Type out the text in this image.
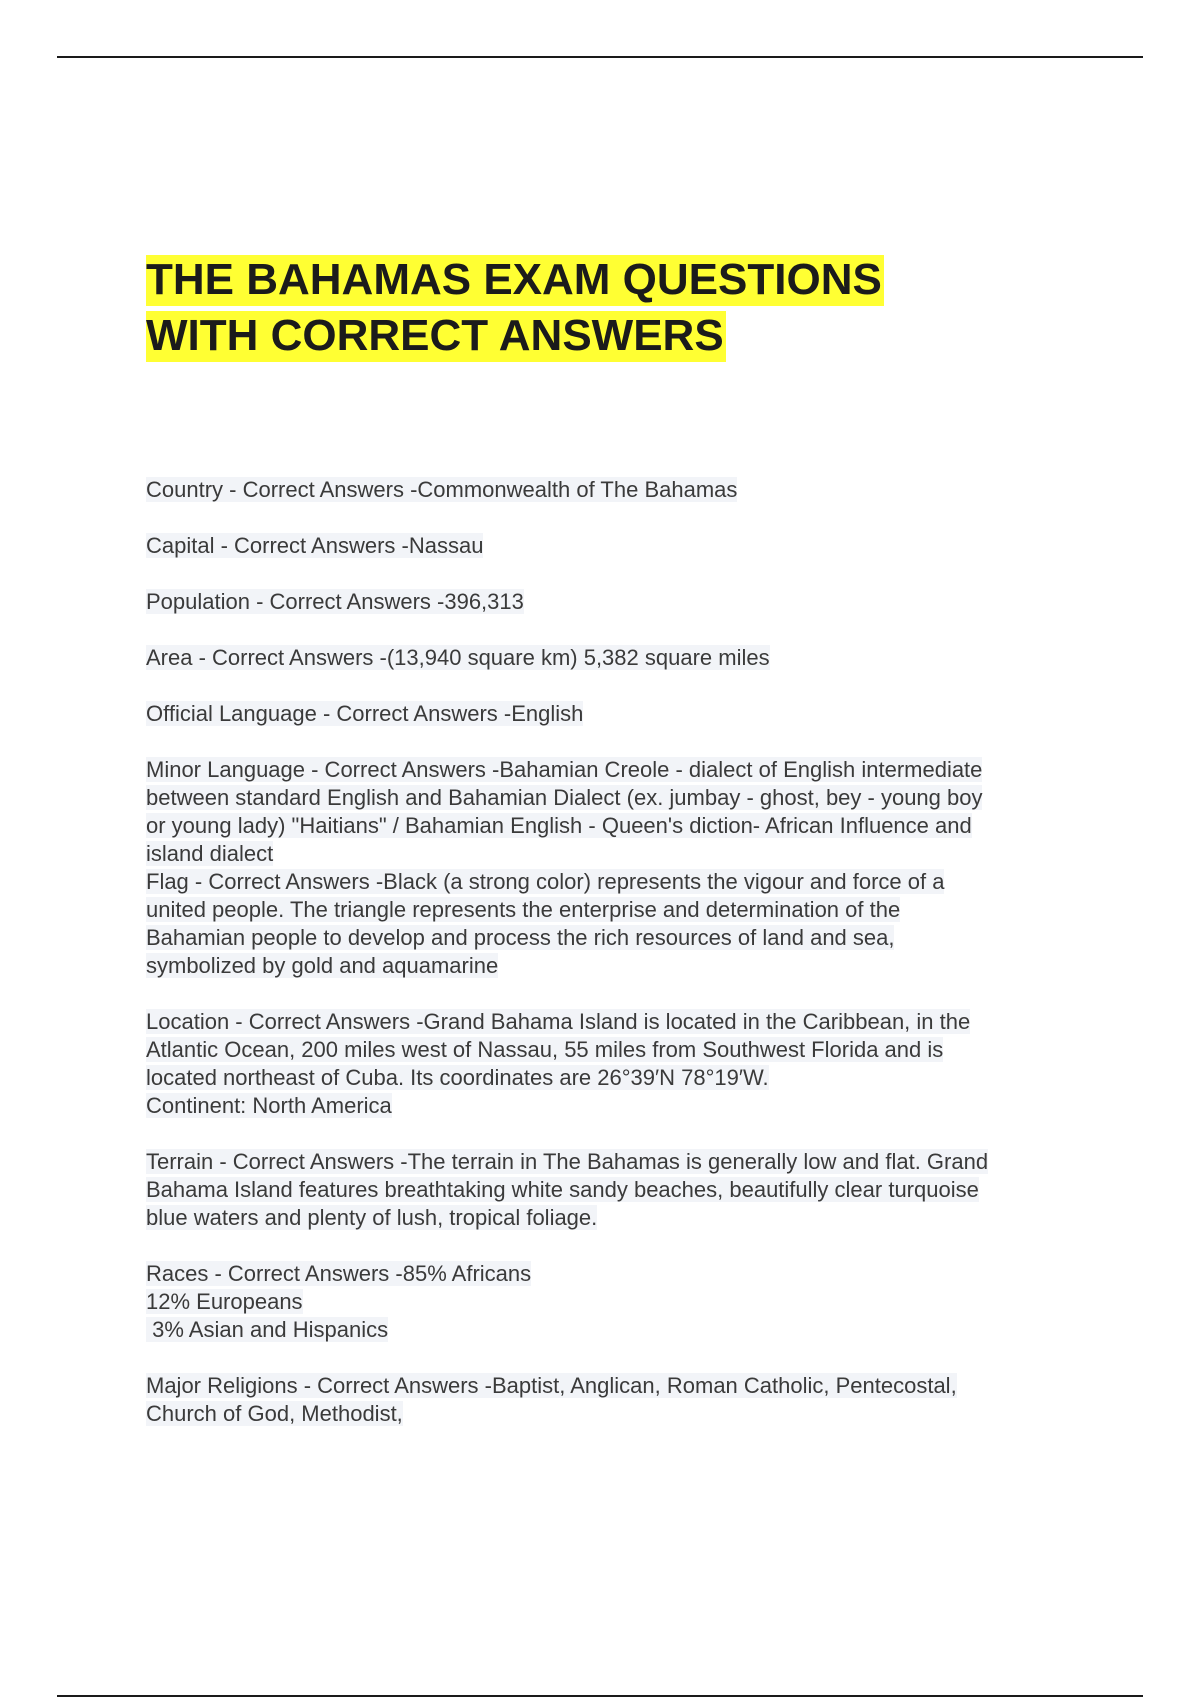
THE BAHAMAS EXAM QUESTIONS
WITH CORRECT ANSWERS

Country - Correct Answers -Commonwealth of The Bahamas

Capital - Correct Answers -Nassau

Population - Correct Answers -396,313

Area - Correct Answers -(13,940 square km) 5,382 square miles

Official Language - Correct Answers -English

Minor Language - Correct Answers -Bahamian Creole - dialect of English intermediate
between standard English and Bahamian Dialect (ex. jumbay - ghost, bey - young boy
or young lady) "Haitians" / Bahamian English - Queen's diction- African Influence and
island dialect

Flag - Correct Answers -Black (a strong color) represents the vigour and force of a
united people. The triangle represents the enterprise and determination of the
Bahamian people to develop and process the rich resources of land and sea,
symbolized by gold and aquamarine

Location - Correct Answers -Grand Bahama Island is located in the Caribbean, in the
Atlantic Ocean, 200 miles west of Nassau, 55 miles from Southwest Florida and is
located northeast of Cuba. Its coordinates are 26°39′N 78°19′W.
Continent: North America

Terrain - Correct Answers -The terrain in The Bahamas is generally low and flat. Grand
Bahama Island features breathtaking white sandy beaches, beautifully clear turquoise
blue waters and plenty of lush, tropical foliage.

Races - Correct Answers -85% Africans
12% Europeans
3% Asian and Hispanics

Major Religions - Correct Answers -Baptist, Anglican, Roman Catholic, Pentecostal,
Church of God, Methodist,
